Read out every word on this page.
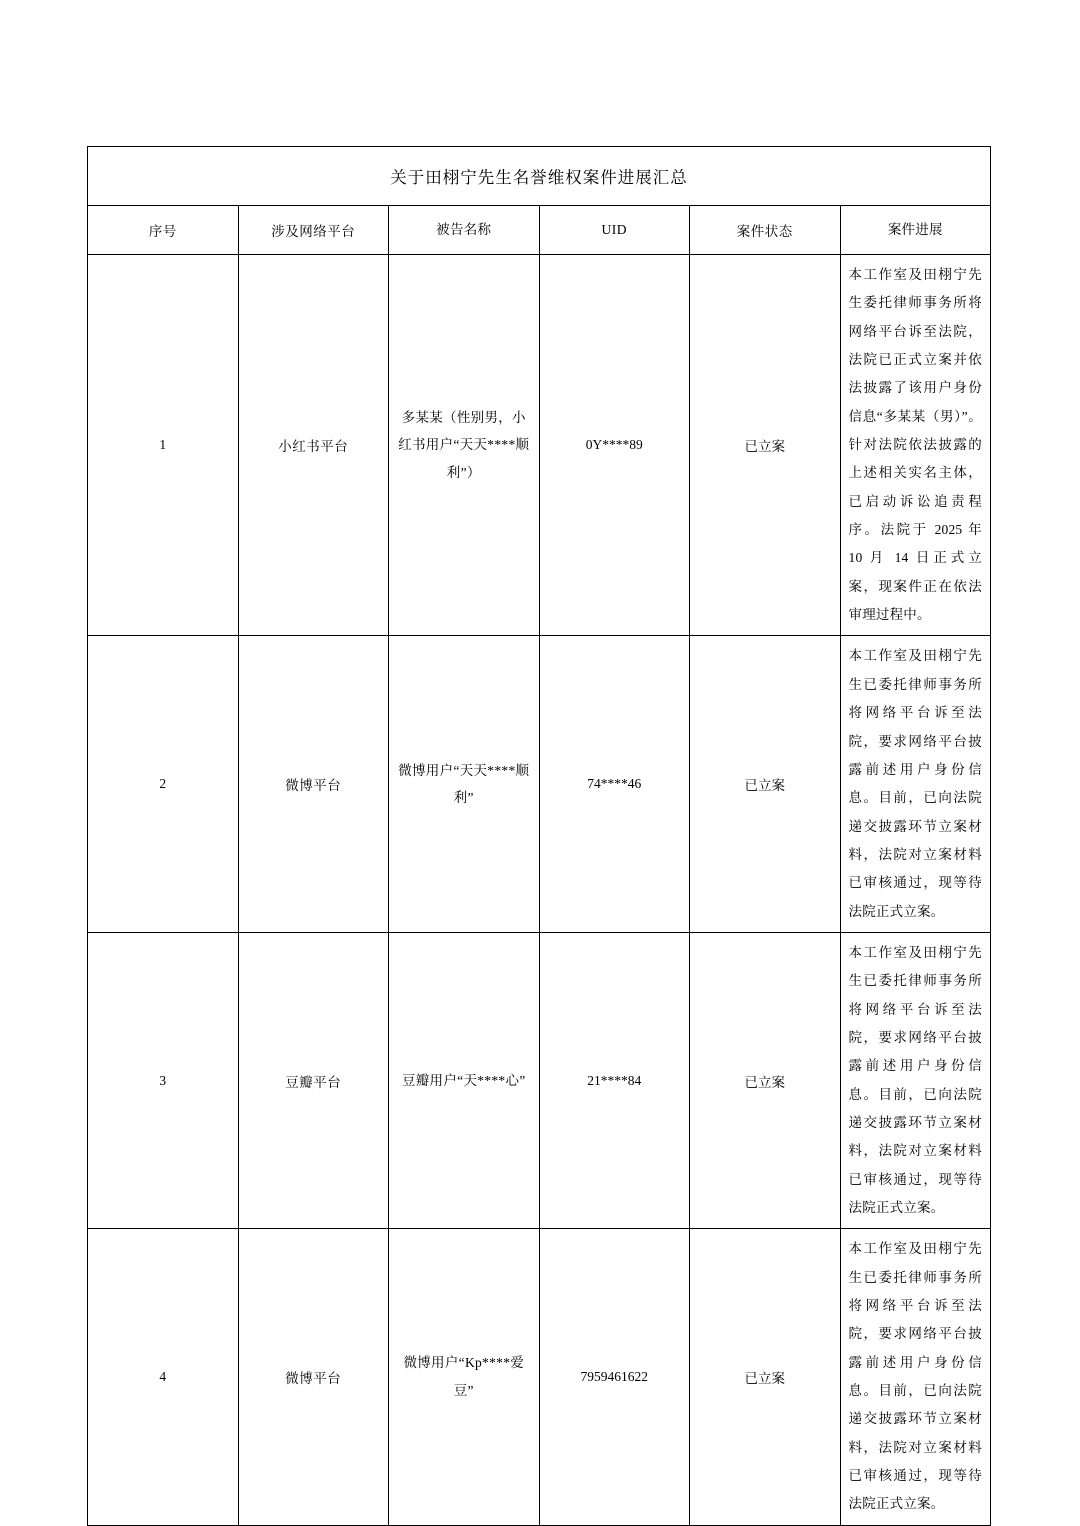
关于田栩宁先生名誉维权案件进展汇总					
序号	涉及网络平台	被告名称	UID	案件状态	案件进展
1	小红书平台	多某某（性别男，小红书用户“天天****顺利”）	0Y****89	已立案	本工作室及田栩宁先生委托律师事务所将网络平台诉至法院，法院已正式立案并依法披露了该用户身份信息“多某某（男）”。针对法院依法披露的上述相关实名主体，已启动诉讼追责程序。法院于 2025 年 10 月 14 日正式立案，现案件正在依法审理过程中。
2	微博平台	微博用户“天天****顺利”	74****46	已立案	本工作室及田栩宁先生已委托律师事务所将网络平台诉至法院，要求网络平台披露前述用户身份信息。目前，已向法院递交披露环节立案材料，法院对立案材料已审核通过，现等待法院正式立案。
3	豆瓣平台	豆瓣用户“天****心”	21****84	已立案	本工作室及田栩宁先生已委托律师事务所将网络平台诉至法院，要求网络平台披露前述用户身份信息。目前，已向法院递交披露环节立案材料，法院对立案材料已审核通过，现等待法院正式立案。
4	微博平台	微博用户“Kp****爱豆”	7959461622	已立案	本工作室及田栩宁先生已委托律师事务所将网络平台诉至法院，要求网络平台披露前述用户身份信息。目前，已向法院递交披露环节立案材料，法院对立案材料已审核通过，现等待法院正式立案。
